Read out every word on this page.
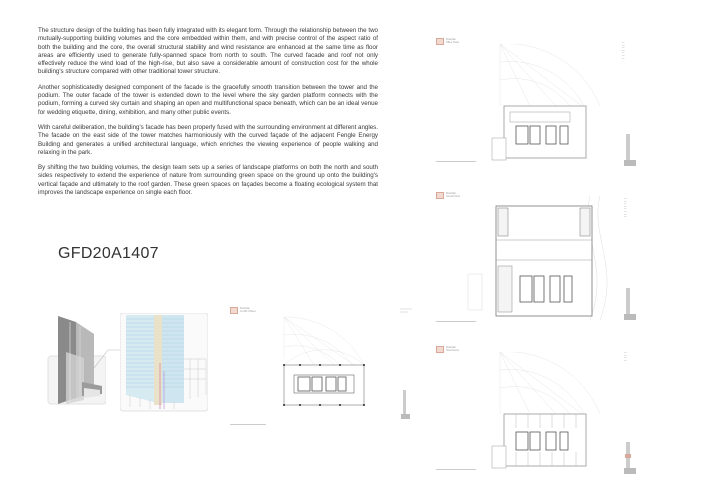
The structure design of the building has been fully integrated with its elegant form. Through the relationship between the two mutually-supporting building volumes and the core embedded within them, and with precise control of the aspect ratio of both the building and the core, the overall structural stability and wind resistance are enhanced at the same time as floor areas are efficiently used to generate fully-spanned space from north to south. The curved facade and roof not only effectively reduce the wind load of the high-rise, but also save a considerable amount of construction cost for the whole building's structure compared with other traditional tower structure.

Another sophisticatedly designed component of the facade is the gracefully smooth transition between the tower and the podium. The outer facade of the tower is extended down to the level where the sky garden platform connects with the podium, forming a curved sky curtain and shaping an open and multifunctional space beneath, which can be an ideal venue for wedding etiquette, dining, exhibition, and many other public events.

With careful deliberation, the building's facade has been properly fused with the surrounding environment at different angles. The facade on the east side of the tower matches harmoniously with the curved façade of the adjacent Fengle Energy Building and generates a unified architectural language, which enriches the viewing experience of people walking and relaxing in the park.

By shifting the two building volumes, the design team sets up a series of landscape platforms on both the north and south sides respectively to extend the experience of nature from surrounding green space on the ground up onto the building's vertical façade and ultimately to the roof garden. These green spaces on façades become a floating ecological system that improves the landscape experience on single each floor.

GFD20A1407
Floorplan
12-20F Offices
Floorplan
Office Tower	━━
━━
━━
━━
━━
━━
━━
Floorplan
Ground Floor
━━
━━
━━
━━
━━
━━
━━
━━
Floorplan
Hotel Floors
━━
━━
━━
━━
